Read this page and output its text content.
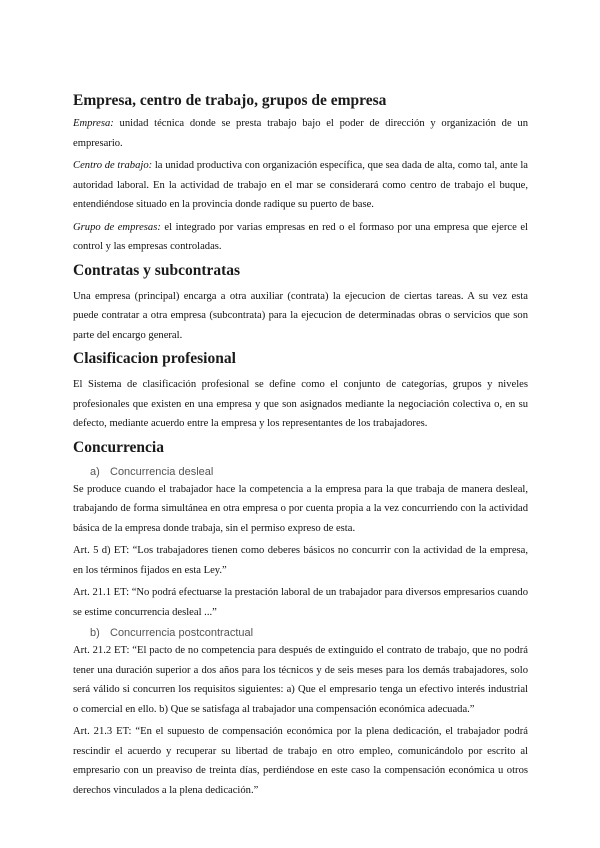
Empresa, centro de trabajo, grupos de empresa

Empresa: unidad técnica donde se presta trabajo bajo el poder de dirección y organización de un empresario.

Centro de trabajo: la unidad productiva con organización específica, que sea dada de alta, como tal, ante la autoridad laboral. En la actividad de trabajo en el mar se considerará como centro de trabajo el buque, entendiéndose situado en la provincia donde radique su puerto de base.

Grupo de empresas: el integrado por varias empresas en red o el formaso por una empresa que ejerce el control y las empresas controladas.

Contratas y subcontratas

Una empresa (principal) encarga a otra auxiliar (contrata) la ejecucion de ciertas tareas. A su vez esta puede contratar a otra empresa (subcontrata) para la ejecucion de determinadas obras o servicios que son parte del encargo general.

Clasificacion profesional

El Sistema de clasificación profesional se define como el conjunto de categorías, grupos y niveles profesionales que existen en una empresa y que son asignados mediante la negociación colectiva o, en su defecto, mediante acuerdo entre la empresa y los representantes de los trabajadores.

Concurrencia
a) Concurrencia desleal

Se produce cuando el trabajador hace la competencia a la empresa para la que trabaja de manera desleal, trabajando de forma simultánea en otra empresa o por cuenta propia a la vez concurriendo con la actividad básica de la empresa donde trabaja, sin el permiso expreso de esta.

Art. 5 d) ET: “Los trabajadores tienen como deberes básicos no concurrir con la actividad de la empresa, en los términos fijados en esta Ley.”

Art. 21.1 ET: “No podrá efectuarse la prestación laboral de un trabajador para diversos empresarios cuando se estime concurrencia desleal ...”

b) Concurrencia postcontractual

Art. 21.2 ET: “El pacto de no competencia para después de extinguido el contrato de trabajo, que no podrá tener una duración superior a dos años para los técnicos y de seis meses para los demás trabajadores, solo será válido si concurren los requisitos siguientes: a) Que el empresario tenga un efectivo interés industrial o comercial en ello. b) Que se satisfaga al trabajador una compensación económica adecuada.”

Art. 21.3 ET: “En el supuesto de compensación económica por la plena dedicación, el trabajador podrá rescindir el acuerdo y recuperar su libertad de trabajo en otro empleo, comunicándolo por escrito al empresario con un preaviso de treinta días, perdiéndose en este caso la compensación económica u otros derechos vinculados a la plena dedicación.”
